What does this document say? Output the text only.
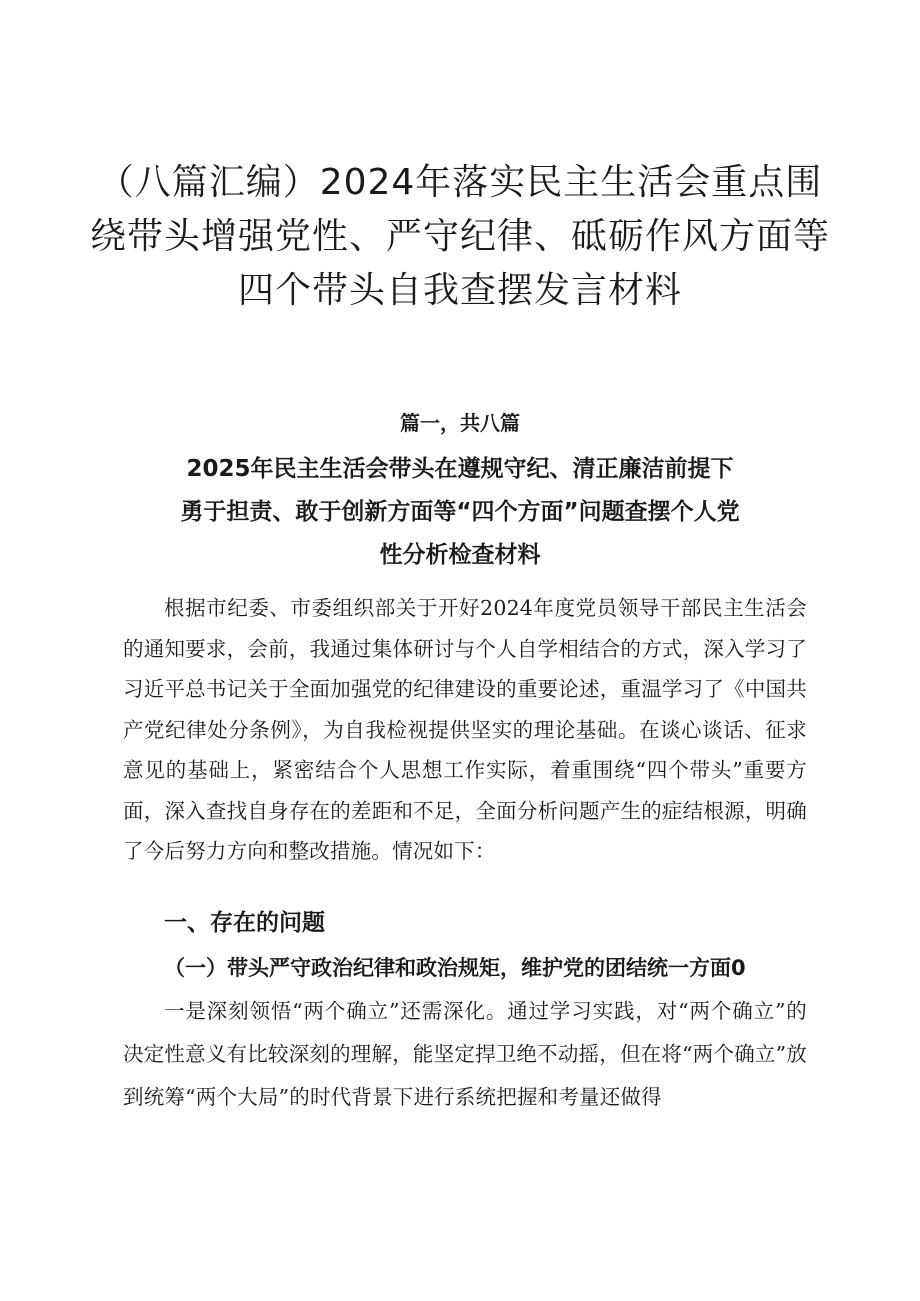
（八篇汇编）2024年落实民主生活会重点围
绕带头增强党性、严守纪律、砥砺作风方面等
四个带头自我查摆发言材料

篇一，共八篇

2025年民主生活会带头在遵规守纪、清正廉洁前提下
勇于担责、敢于创新方面等“四个方面”问题查摆个人党
性分析检查材料

根据市纪委、市委组织部关于开好2024年度党员领导干部民主生活会的通知要求，会前，我通过集体研讨与个人自学相结合的方式，深入学习了习近平总书记关于全面加强党的纪律建设的重要论述，重温学习了《中国共产党纪律处分条例》，为自我检视提供坚实的理论基础。在谈心谈话、征求意见的基础上，紧密结合个人思想工作实际，着重围绕“四个带头”重要方面，深入查找自身存在的差距和不足，全面分析问题产生的症结根源，明确了今后努力方向和整改措施。情况如下：

一、存在的问题
（一）带头严守政治纪律和政治规矩，维护党的团结统一方面0

一是深刻领悟“两个确立”还需深化。通过学习实践，对“两个确立”的决定性意义有比较深刻的理解，能坚定捍卫绝不动摇，但在将“两个确立”放到统筹“两个大局”的时代背景下进行系统把握和考量还做得
